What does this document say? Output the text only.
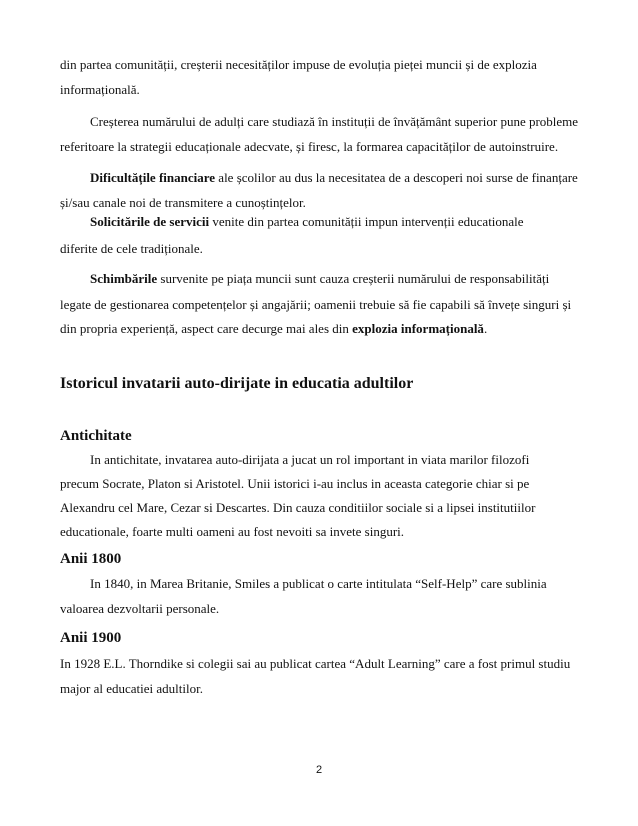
din partea comunității, creșterii necesităților impuse de evoluția pieței muncii și de explozia
informațională.
Creșterea numărului de adulți care studiază în instituții de învățământ superior pune probleme
referitoare la strategii educaționale adecvate, și firesc, la formarea capacităților de autoinstruire.
Dificultățile financiare ale școlilor au dus la necesitatea de a descoperi noi surse de finanțare
și/sau canale noi de transmitere a cunoștințelor.
Solicitările de servicii venite din partea comunității impun intervenții educationale
diferite de cele tradiționale.
Schimbările survenite pe piața muncii sunt cauza creșterii numărului de responsabilități
legate de gestionarea competențelor și angajării; oamenii trebuie să fie capabili să învețe singuri și
din propria experiență, aspect care decurge mai ales din explozia informațională.
Istoricul invatarii auto-dirijate in educatia adultilor
Antichitate
In antichitate, invatarea auto-dirijata a jucat un rol important in viata marilor filozofi
precum Socrate, Platon si Aristotel. Unii istorici i-au inclus in aceasta categorie chiar si pe
Alexandru cel Mare, Cezar si Descartes. Din cauza conditiilor sociale si a lipsei institutiilor
educationale, foarte multi oameni au fost nevoiti sa invete singuri.
Anii 1800
In 1840, in Marea Britanie, Smiles a publicat o carte intitulata “Self-Help” care sublinia
valoarea dezvoltarii personale.
Anii 1900
In 1928 E.L. Thorndike si colegii sai au publicat cartea “Adult Learning” care a fost primul studiu
major al educatiei adultilor.
2
